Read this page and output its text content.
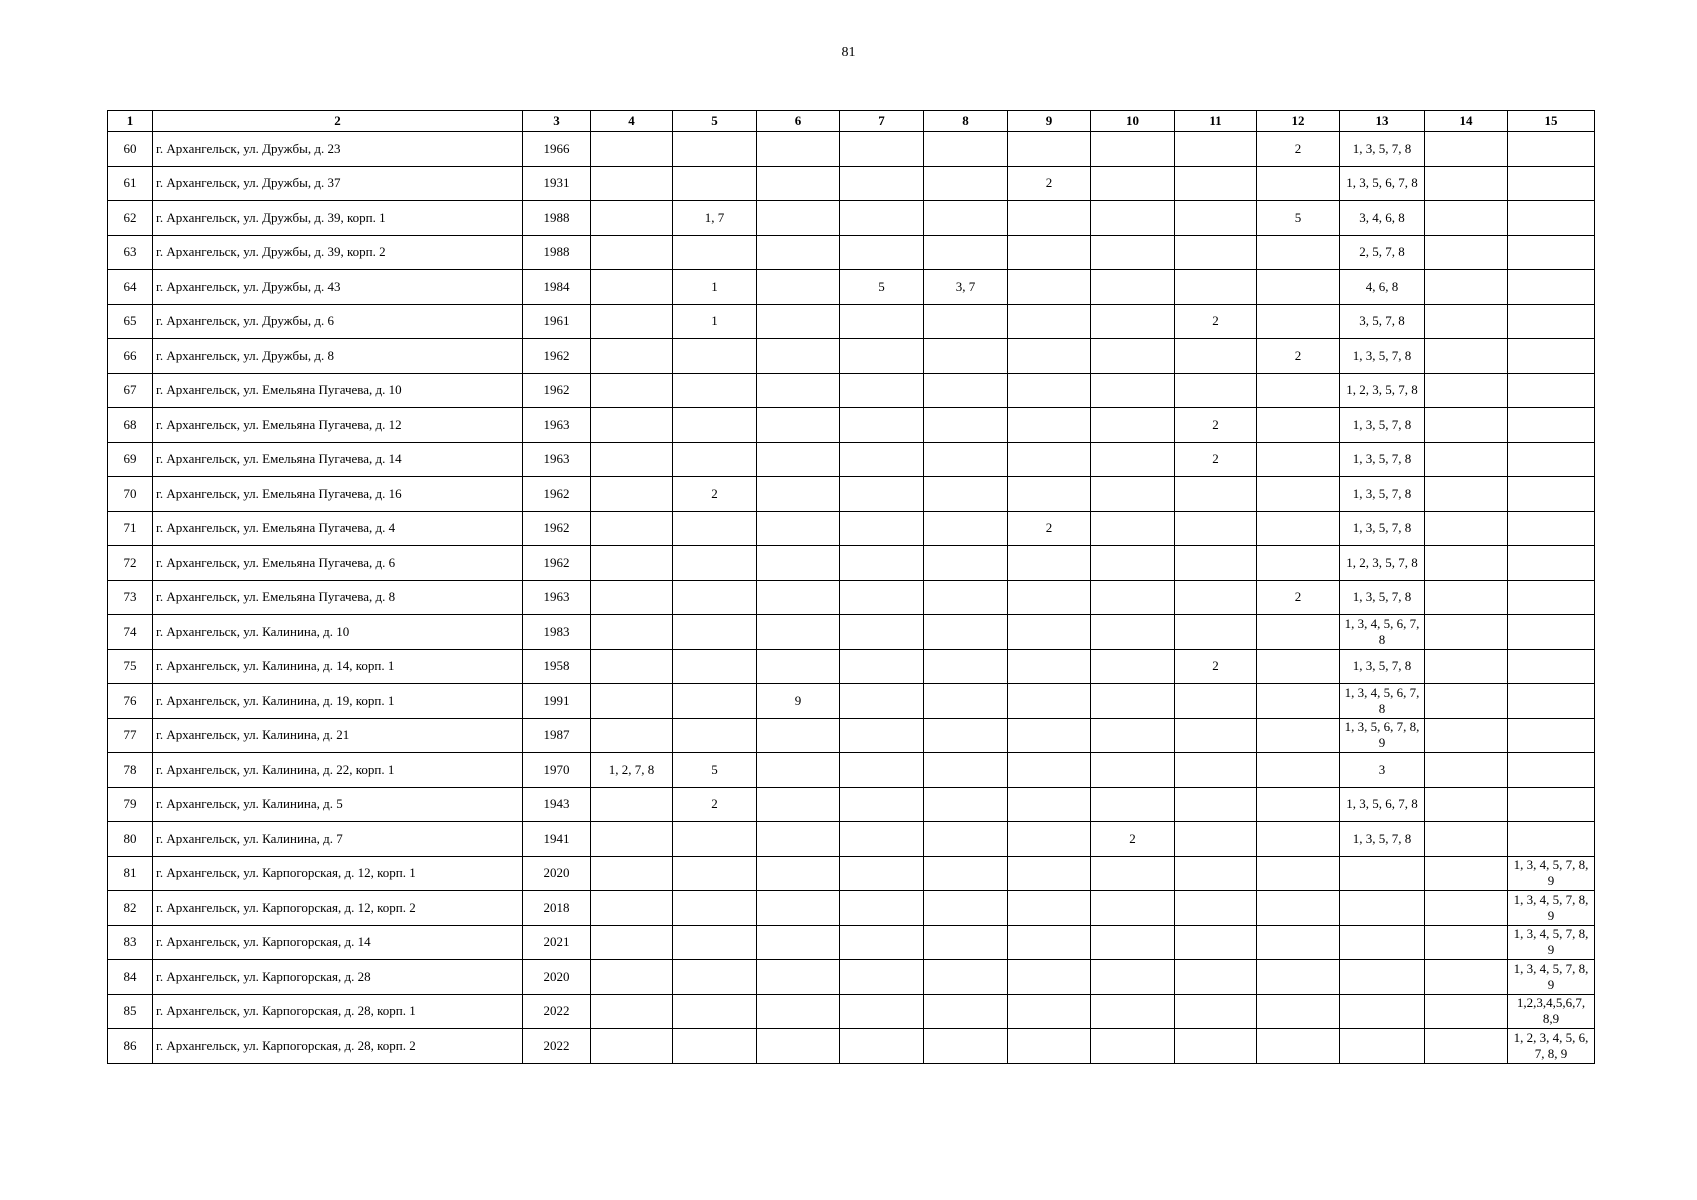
81
1	2	3	4	5	6	7	8	9	10	11	12	13	14	15
60	г. Архангельск, ул. Дружбы, д. 23	1966									2	1, 3, 5, 7, 8		
61	г. Архангельск, ул. Дружбы, д. 37	1931						2				1, 3, 5, 6, 7, 8		
62	г. Архангельск, ул. Дружбы, д. 39, корп. 1	1988		1, 7							5	3, 4, 6, 8		
63	г. Архангельск, ул. Дружбы, д. 39, корп. 2	1988										2, 5, 7, 8		
64	г. Архангельск, ул. Дружбы, д. 43	1984		1		5	3, 7					4, 6, 8		
65	г. Архангельск, ул. Дружбы, д. 6	1961		1						2		3, 5, 7, 8		
66	г. Архангельск, ул. Дружбы, д. 8	1962									2	1, 3, 5, 7, 8		
67	г. Архангельск, ул. Емельяна Пугачева, д. 10	1962										1, 2, 3, 5, 7, 8		
68	г. Архангельск, ул. Емельяна Пугачева, д. 12	1963								2		1, 3, 5, 7, 8		
69	г. Архангельск, ул. Емельяна Пугачева, д. 14	1963								2		1, 3, 5, 7, 8		
70	г. Архангельск, ул. Емельяна Пугачева, д. 16	1962		2								1, 3, 5, 7, 8		
71	г. Архангельск, ул. Емельяна Пугачева, д. 4	1962						2				1, 3, 5, 7, 8		
72	г. Архангельск, ул. Емельяна Пугачева, д. 6	1962										1, 2, 3, 5, 7, 8		
73	г. Архангельск, ул. Емельяна Пугачева, д. 8	1963									2	1, 3, 5, 7, 8		
74	г. Архангельск, ул. Калинина, д. 10	1983										1, 3, 4, 5, 6, 7, 8		
75	г. Архангельск, ул. Калинина, д. 14, корп. 1	1958								2		1, 3, 5, 7, 8		
76	г. Архангельск, ул. Калинина, д. 19, корп. 1	1991			9							1, 3, 4, 5, 6, 7, 8		
77	г. Архангельск, ул. Калинина, д. 21	1987										1, 3, 5, 6, 7, 8, 9		
78	г. Архангельск, ул. Калинина, д. 22, корп. 1	1970	1, 2, 7, 8	5								3		
79	г. Архангельск, ул. Калинина, д. 5	1943		2								1, 3, 5, 6, 7, 8		
80	г. Архангельск, ул. Калинина, д. 7	1941							2			1, 3, 5, 7, 8		
81	г. Архангельск, ул. Карпогорская, д. 12, корп. 1	2020												1, 3, 4, 5, 7, 8, 9
82	г. Архангельск, ул. Карпогорская, д. 12, корп. 2	2018												1, 3, 4, 5, 7, 8, 9
83	г. Архангельск, ул. Карпогорская, д. 14	2021												1, 3, 4, 5, 7, 8, 9
84	г. Архангельск, ул. Карпогорская, д. 28	2020												1, 3, 4, 5, 7, 8, 9
85	г. Архангельск, ул. Карпогорская, д. 28, корп. 1	2022												1,2,3,4,5,6,7, 8,9
86	г. Архангельск, ул. Карпогорская, д. 28, корп. 2	2022												1, 2, 3, 4, 5, 6, 7, 8, 9
